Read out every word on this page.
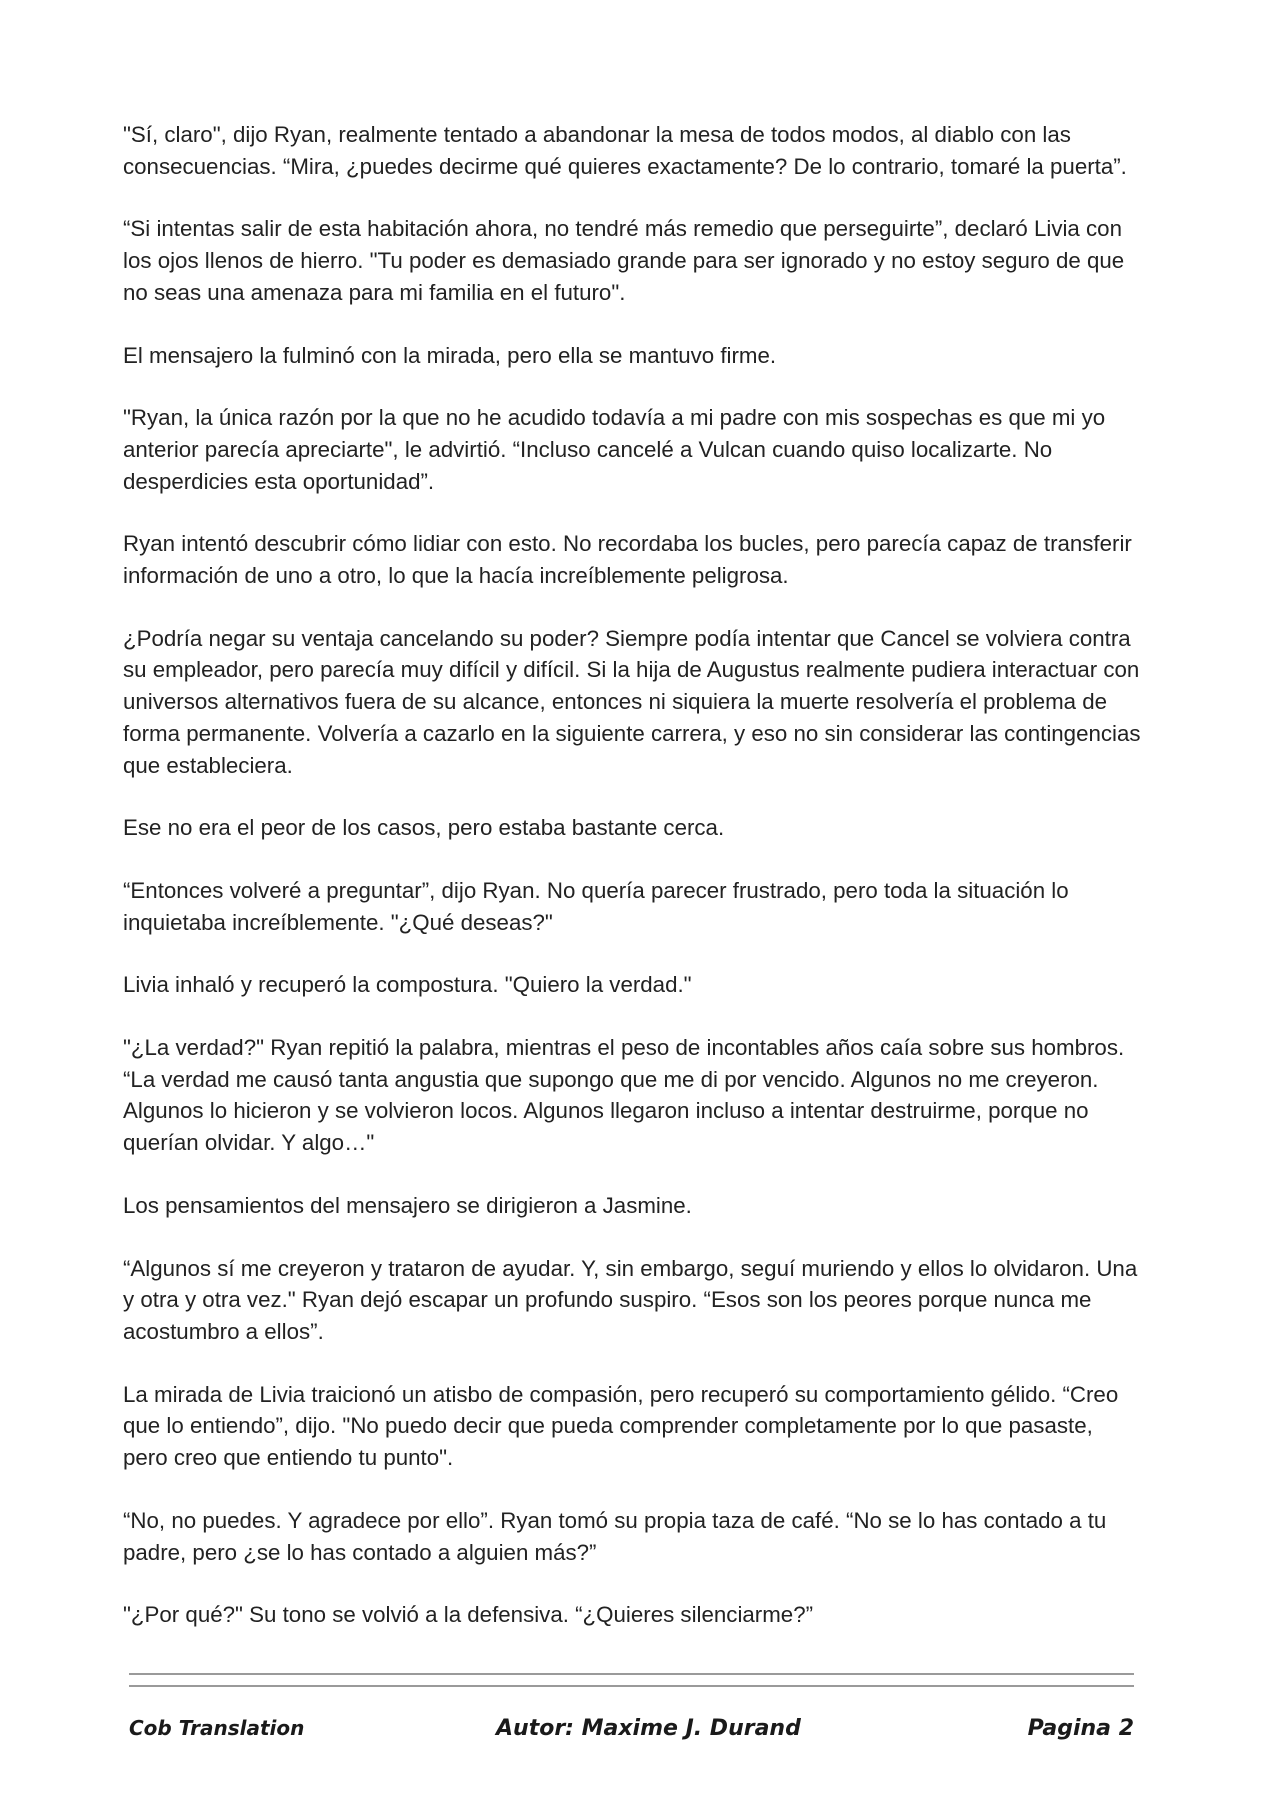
"Sí, claro", dijo Ryan, realmente tentado a abandonar la mesa de todos modos, al diablo con las consecuencias. “Mira, ¿puedes decirme qué quieres exactamente? De lo contrario, tomaré la puerta”.

“Si intentas salir de esta habitación ahora, no tendré más remedio que perseguirte”, declaró Livia con los ojos llenos de hierro. "Tu poder es demasiado grande para ser ignorado y no estoy seguro de que no seas una amenaza para mi familia en el futuro".

El mensajero la fulminó con la mirada, pero ella se mantuvo firme.

"Ryan, la única razón por la que no he acudido todavía a mi padre con mis sospechas es que mi yo anterior parecía apreciarte", le advirtió. “Incluso cancelé a Vulcan cuando quiso localizarte. No desperdicies esta oportunidad”.

Ryan intentó descubrir cómo lidiar con esto. No recordaba los bucles, pero parecía capaz de transferir información de uno a otro, lo que la hacía increíblemente peligrosa.

¿Podría negar su ventaja cancelando su poder? Siempre podía intentar que Cancel se volviera contra su empleador, pero parecía muy difícil y difícil. Si la hija de Augustus realmente pudiera interactuar con universos alternativos fuera de su alcance, entonces ni siquiera la muerte resolvería el problema de forma permanente. Volvería a cazarlo en la siguiente carrera, y eso no sin considerar las contingencias que estableciera.

Ese no era el peor de los casos, pero estaba bastante cerca.

“Entonces volveré a preguntar”, dijo Ryan. No quería parecer frustrado, pero toda la situación lo inquietaba increíblemente. "¿Qué deseas?"

Livia inhaló y recuperó la compostura. "Quiero la verdad."

"¿La verdad?" Ryan repitió la palabra, mientras el peso de incontables años caía sobre sus hombros. “La verdad me causó tanta angustia que supongo que me di por vencido. Algunos no me creyeron. Algunos lo hicieron y se volvieron locos. Algunos llegaron incluso a intentar destruirme, porque no querían olvidar. Y algo…"

Los pensamientos del mensajero se dirigieron a Jasmine.

“Algunos sí me creyeron y trataron de ayudar. Y, sin embargo, seguí muriendo y ellos lo olvidaron. Una y otra y otra vez." Ryan dejó escapar un profundo suspiro. “Esos son los peores porque nunca me acostumbro a ellos”.

La mirada de Livia traicionó un atisbo de compasión, pero recuperó su comportamiento gélido. “Creo que lo entiendo”, dijo. "No puedo decir que pueda comprender completamente por lo que pasaste, pero creo que entiendo tu punto".

“No, no puedes. Y agradece por ello”. Ryan tomó su propia taza de café. “No se lo has contado a tu padre, pero ¿se lo has contado a alguien más?”

"¿Por qué?" Su tono se volvió a la defensiva. “¿Quieres silenciarme?”

Cob Translation	Autor: Maxime J. Durand	Pagina 2
